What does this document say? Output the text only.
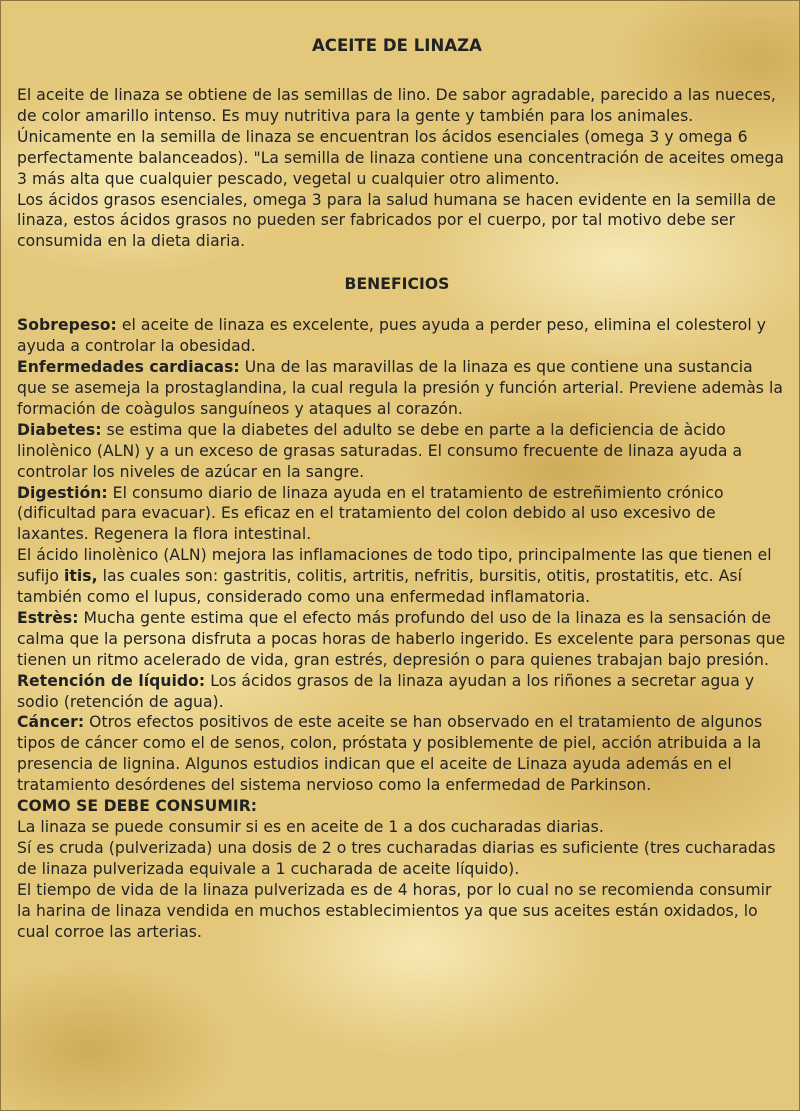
ACEITE DE LINAZA

El aceite de linaza se obtiene de las semillas de lino. De sabor agradable, parecido a las nueces, de color amarillo intenso. Es muy nutritiva para la gente y también para los animales.

Únicamente en la semilla de linaza se encuentran los ácidos esenciales (omega 3 y omega 6 perfectamente balanceados). "La semilla de linaza contiene una concentración de aceites omega 3 más alta que cualquier pescado, vegetal u cualquier otro alimento.

Los ácidos grasos esenciales, omega 3 para la salud humana se hacen evidente en la semilla de linaza, estos ácidos grasos no pueden ser fabricados por el cuerpo, por tal motivo debe ser consumida en la dieta diaria.

BENEFICIOS

Sobrepeso: el aceite de linaza es excelente, pues ayuda a perder peso, elimina el colesterol y ayuda a controlar la obesidad.

Enfermedades cardiacas: Una de las maravillas de la linaza es que contiene una sustancia que se asemeja la prostaglandina, la cual regula la presión y función arterial. Previene ademàs la formación de coàgulos sanguíneos y ataques al corazón.

Diabetes: se estima que la diabetes del adulto se debe en parte a la deficiencia de àcido linolènico (ALN) y a un exceso de grasas saturadas. El consumo frecuente de linaza ayuda a controlar los niveles de azúcar en la sangre.

Digestión: El consumo diario de linaza ayuda en el tratamiento de estreñimiento crónico (dificultad para evacuar). Es eficaz en el tratamiento del colon debido al uso excesivo de laxantes. Regenera la flora intestinal.

El ácido linolènico (ALN) mejora las inflamaciones de todo tipo, principalmente las que tienen el sufijo itis, las cuales son: gastritis, colitis, artritis, nefritis, bursitis, otitis, prostatitis, etc. Así también como el lupus, considerado como una enfermedad inflamatoria.

Estrès: Mucha gente estima que el efecto más profundo del uso de la linaza es la sensación de calma que la persona disfruta a pocas horas de haberlo ingerido. Es excelente para personas que tienen un ritmo acelerado de vida, gran estrés, depresión o para quienes trabajan bajo presión.

Retención de líquido: Los ácidos grasos de la linaza ayudan a los riñones a secretar agua y sodio (retención de agua).

Cáncer: Otros efectos positivos de este aceite se han observado en el tratamiento de algunos tipos de cáncer como el de senos, colon, próstata y posiblemente de piel, acción atribuida a la presencia de lignina. Algunos estudios indican que el aceite de Linaza ayuda además en el tratamiento desórdenes del sistema nervioso como la enfermedad de Parkinson.

COMO SE DEBE CONSUMIR:

La linaza se puede consumir si es en aceite de 1 a dos cucharadas diarias.

Sí es cruda (pulverizada) una dosis de 2 o tres cucharadas diarias es suficiente (tres cucharadas de linaza pulverizada equivale a 1 cucharada de aceite líquido).

El tiempo de vida de la linaza pulverizada es de 4 horas, por lo cual no se recomienda consumir la harina de linaza vendida en muchos establecimientos ya que sus aceites están oxidados, lo cual corroe las arterias.
